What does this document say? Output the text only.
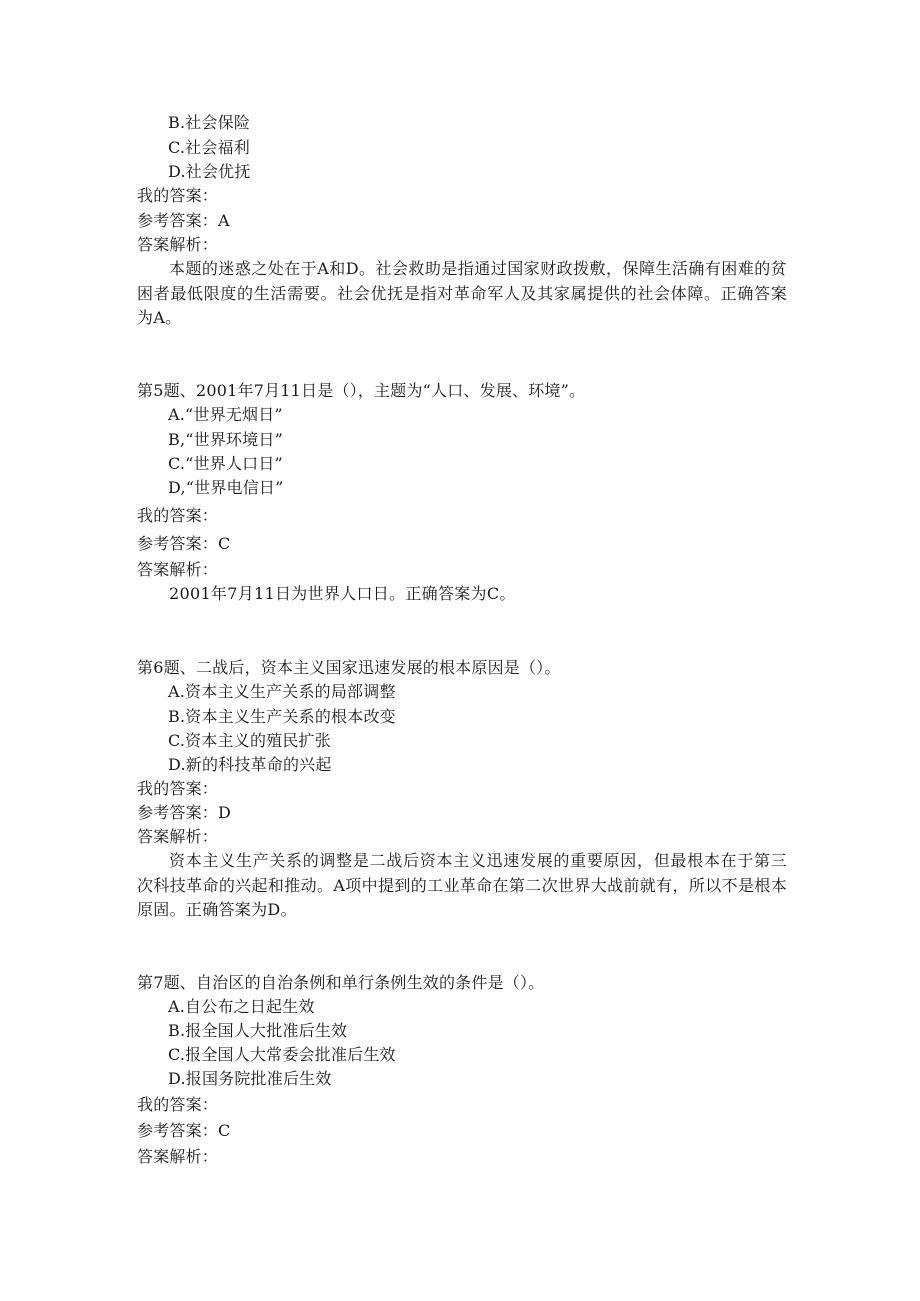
B.社会保险
C.社会福利
D.社会优抚
我的答案：
参考答案：A
答案解析：
本题的迷惑之处在于A和D。社会救助是指通过国家财政拨敷，保障生活确有困难的贫困者最低限度的生活需要。社会优抚是指对革命军人及其家属提供的社会体障。正确答案为A。
第5题、2001年7月11日是（），主题为“人口、发展、环境”。
A.“世界无烟日”
B,“世界环境日”
C.“世界人口日”
D,“世界电信日”
我的答案：
参考答案：C
答案解析：
2001年7月11日为世界人口日。正确答案为C。
第6题、二战后，资本主义国家迅速发展的根本原因是（）。
A.资本主义生产关系的局部调整
B.资本主义生产关系的根本改变
C.资本主义的殖民扩张
D.新的科技革命的兴起
我的答案：
参考答案：D
答案解析：
资本主义生产关系的调整是二战后资本主义迅速发展的重要原因，但最根本在于第三次科技革命的兴起和推动。A项中提到的工业革命在第二次世界大战前就有，所以不是根本原固。正确答案为D。
第7题、自治区的自治条例和单行条例生效的条件是（）。
A.自公布之日起生效
B.报全国人大批准后生效
C.报全国人大常委会批准后生效
D.报国务院批准后生效
我的答案：
参考答案：C
答案解析：
